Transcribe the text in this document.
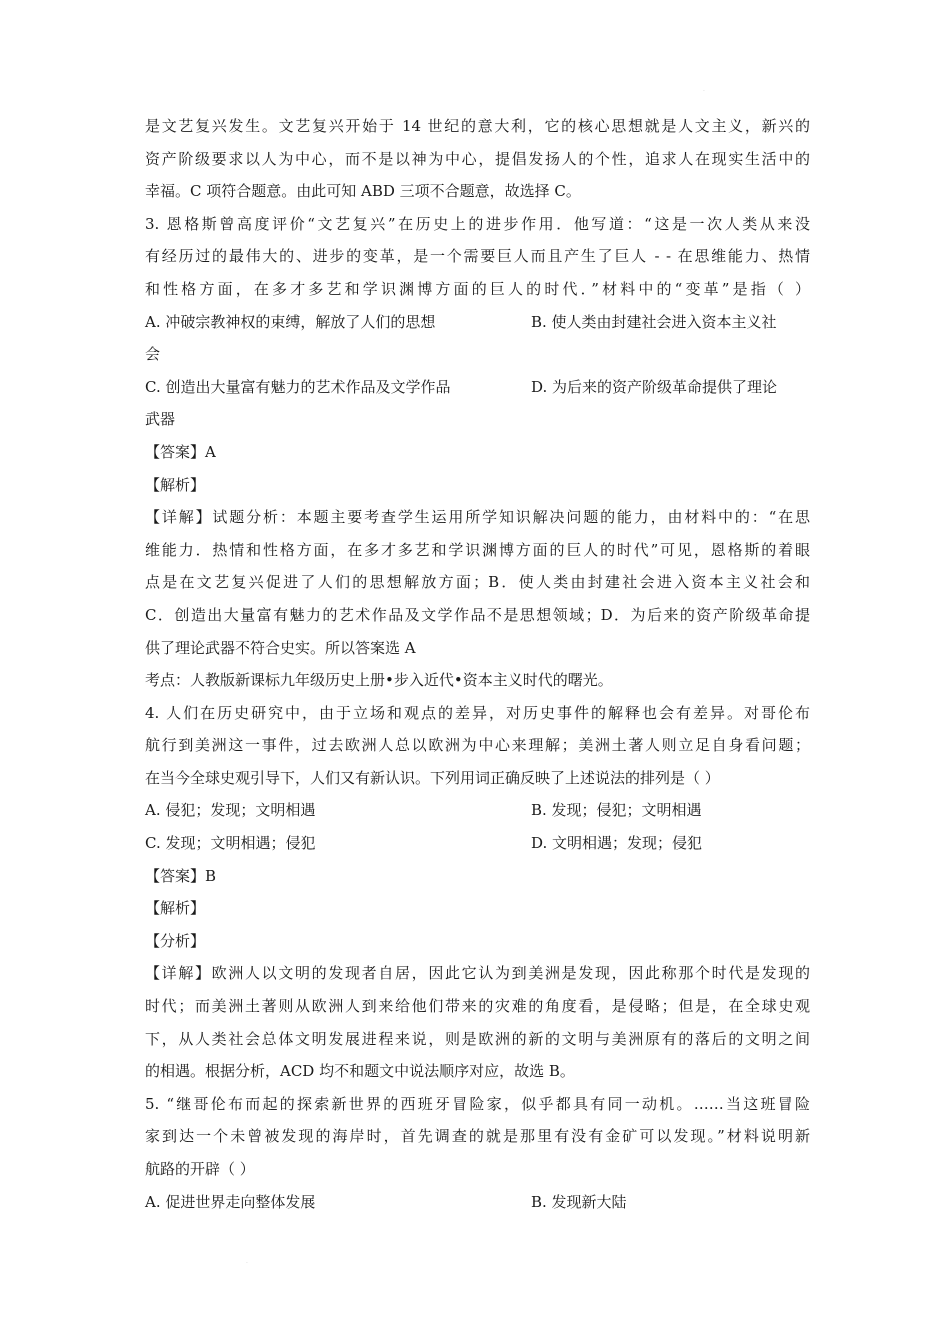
.
.
是文艺复兴发生。文艺复兴开始于 14 世纪的意大利，它的核心思想就是人文主义，新兴的
资产阶级要求以人为中心，而不是以神为中心，提倡发扬人的个性，追求人在现实生活中的
幸福。C 项符合题意。由此可知 ABD 三项不合题意，故选择 C。
3. 恩格斯曾高度评价“文艺复兴”在历史上的进步作用．他写道：“这是一次人类从来没
有经历过的最伟大的、进步的变革，是一个需要巨人而且产生了巨人 - - 在思维能力、热情
和性格方面，在多才多艺和学识渊博方面的巨人的时代．”材料中的“变革”是指（ ）
A. 冲破宗教神权的束缚，解放了人们的思想	B. 使人类由封建社会进入资本主义社
会
C. 创造出大量富有魅力的艺术作品及文学作品	D. 为后来的资产阶级革命提供了理论
武器
【答案】A
【解析】
【详解】试题分析：本题主要考查学生运用所学知识解决问题的能力，由材料中的：“在思
维能力．热情和性格方面，在多才多艺和学识渊博方面的巨人的时代”可见，恩格斯的着眼
点是在文艺复兴促进了人们的思想解放方面；B．使人类由封建社会进入资本主义社会和
C．创造出大量富有魅力的艺术作品及文学作品不是思想领域；D．为后来的资产阶级革命提
供了理论武器不符合史实。所以答案选 A
考点：人教版新课标九年级历史上册•步入近代•资本主义时代的曙光。
4. 人们在历史研究中，由于立场和观点的差异，对历史事件的解释也会有差异。对哥伦布
航行到美洲这一事件，过去欧洲人总以欧洲为中心来理解；美洲土著人则立足自身看问题；
在当今全球史观引导下，人们又有新认识。下列用词正确反映了上述说法的排列是（ ）
A. 侵犯；发现；文明相遇	B. 发现；侵犯；文明相遇
C. 发现；文明相遇；侵犯	D. 文明相遇；发现；侵犯
【答案】B
【解析】
【分析】
【详解】欧洲人以文明的发现者自居，因此它认为到美洲是发现，因此称那个时代是发现的
时代；而美洲土著则从欧洲人到来给他们带来的灾难的角度看，是侵略；但是，在全球史观
下，从人类社会总体文明发展进程来说，则是欧洲的新的文明与美洲原有的落后的文明之间
的相遇。根据分析，ACD 均不和题文中说法顺序对应，故选 B。
5. “继哥伦布而起的探索新世界的西班牙冒险家，似乎都具有同一动机。……当这班冒险
家到达一个未曾被发现的海岸时，首先调查的就是那里有没有金矿可以发现。”材料说明新
航路的开辟（ ）
A. 促进世界走向整体发展	B. 发现新大陆
